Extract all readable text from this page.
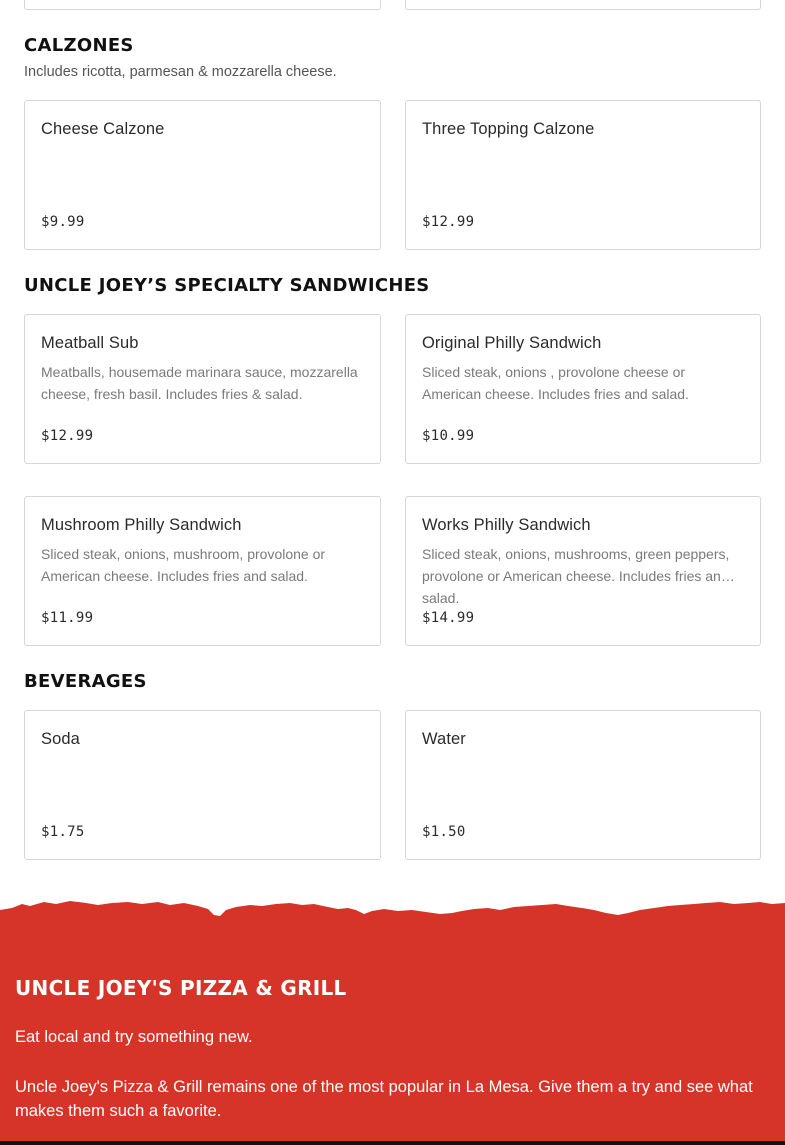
CALZONES
Includes ricotta, parmesan & mozzarella cheese.
Cheese Calzone
$9.99
Three Topping Calzone
$12.99
UNCLE JOEY’S SPECIALTY SANDWICHES
Meatball Sub
Meatballs, housemade marinara sauce, mozzarella cheese, fresh basil. Includes fries & salad.
$12.99
Original Philly Sandwich
Sliced steak, onions , provolone cheese or American cheese. Includes fries and salad.
$10.99
Mushroom Philly Sandwich
Sliced steak, onions, mushroom, provolone or American cheese. Includes fries and salad.
$11.99
Works Philly Sandwich
Sliced steak, onions, mushrooms, green peppers, provolone or American cheese. Includes fries and salad.
$14.99
BEVERAGES
Soda
$1.75
Water
$1.50
UNCLE JOEY'S PIZZA & GRILL
Eat local and try something new.
Uncle Joey's Pizza & Grill remains one of the most popular in La Mesa. Give them a try and see what makes them such a favorite.
